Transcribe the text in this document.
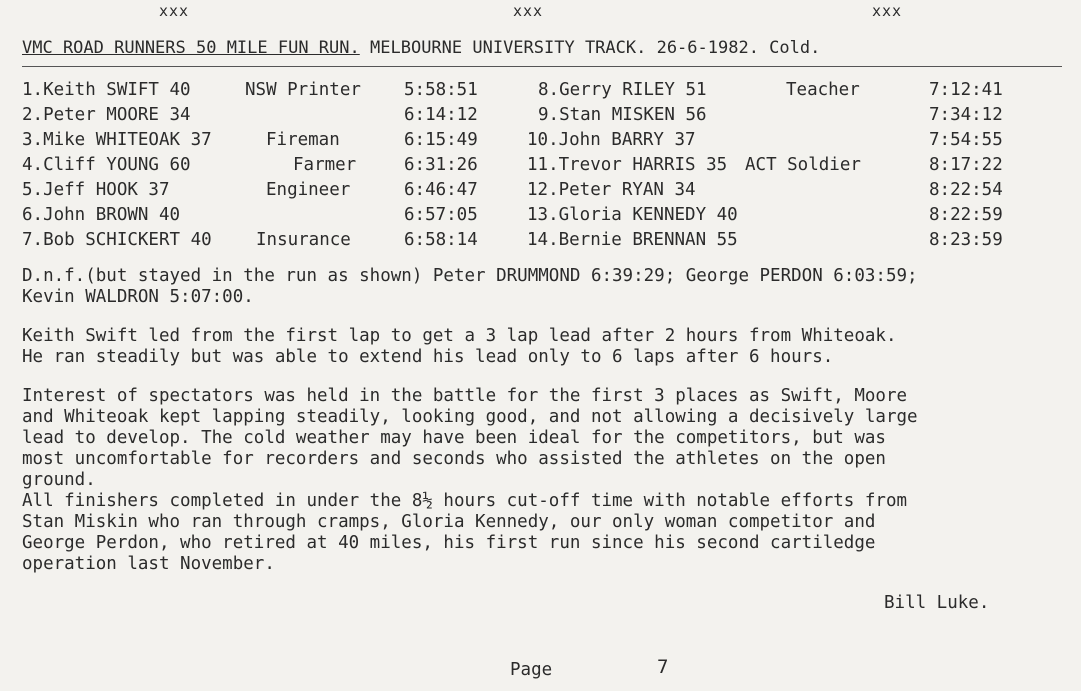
xxx	xxx	xxx
VMC ROAD RUNNERS 50 MILE FUN RUN. MELBOURNE UNIVERSITY TRACK. 26-6-1982. Cold.
1.Keith SWIFT 40	NSW Printer 5:58:51
2.Peter MOORE 34	6:14:12
3.Mike WHITEOAK 37	Fireman	6:15:49
4.Cliff YOUNG 60	Farmer	6:31:26
5.Jeff HOOK 37	Engineer	6:46:47
6.John BROWN 40	6:57:05
7.Bob SCHICKERT 40	Insurance	6:58:14
8.Gerry RILEY 51	Teacher	7:12:41
9.Stan MISKEN 56	7:34:12
10.John BARRY 37	7:54:55
11.Trevor HARRIS 35 ACT Soldier	8:17:22
12.Peter RYAN 34	8:22:54
13.Gloria KENNEDY 40	8:22:59
14.Bernie BRENNAN 55	8:23:59
D.n.f.(but stayed in the run as shown) Peter DRUMMOND 6:39:29; George PERDON 6:03:59;
Kevin WALDRON 5:07:00.
Keith Swift led from the first lap to get a 3 lap lead after 2 hours from Whiteoak.
He ran steadily but was able to extend his lead only to 6 laps after 6 hours.
Interest of spectators was held in the battle for the first 3 places as Swift, Moore
and Whiteoak kept lapping steadily, looking good, and not allowing a decisively large
lead to develop. The cold weather may have been ideal for the competitors, but was
most uncomfortable for recorders and seconds who assisted the athletes on the open
ground.
All finishers completed in under the 8½ hours cut-off time with notable efforts from
Stan Miskin who ran through cramps, Gloria Kennedy, our only woman competitor and
George Perdon, who retired at 40 miles, his first run since his second cartiledge
operation last November.
Bill Luke.
Page	7
